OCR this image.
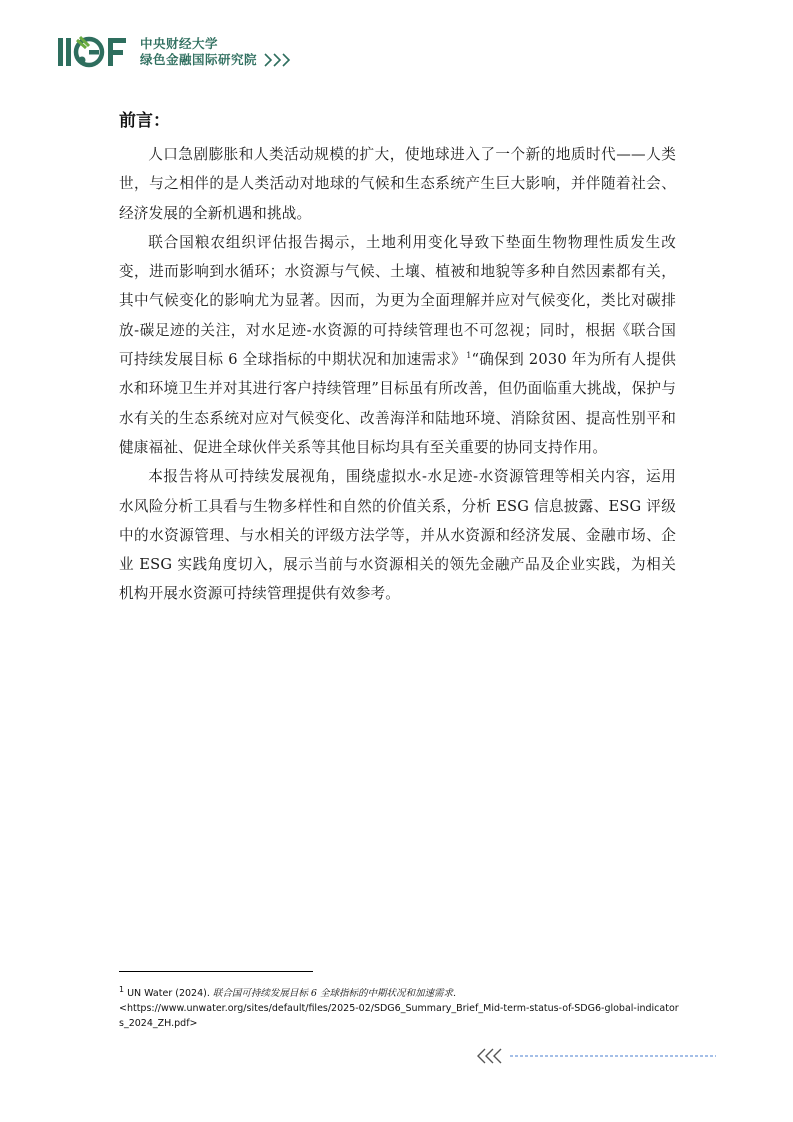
中央财经大学
绿色金融国际研究院
前言：

人口急剧膨胀和人类活动规模的扩大，使地球进入了一个新的地质时代——人类世，与之相伴的是人类活动对地球的气候和生态系统产生巨大影响，并伴随着社会、经济发展的全新机遇和挑战。

联合国粮农组织评估报告揭示，土地利用变化导致下垫面生物物理性质发生改变，进而影响到水循环；水资源与气候、土壤、植被和地貌等多种自然因素都有关，其中气候变化的影响尤为显著。因而，为更为全面理解并应对气候变化，类比对碳排放-碳足迹的关注，对水足迹-水资源的可持续管理也不可忽视；同时，根据《联合国可持续发展目标 6 全球指标的中期状况和加速需求》$^1$“确保到 2030 年为所有人提供水和环境卫生并对其进行客户持续管理”目标虽有所改善，但仍面临重大挑战，保护与水有关的生态系统对应对气候变化、改善海洋和陆地环境、消除贫困、提高性别平和健康福祉、促进全球伙伴关系等其他目标均具有至关重要的协同支持作用。

本报告将从可持续发展视角，围绕虚拟水-水足迹-水资源管理等相关内容，运用水风险分析工具看与生物多样性和自然的价值关系，分析 ESG 信息披露、ESG 评级中的水资源管理、与水相关的评级方法学等，并从水资源和经济发展、金融市场、企业 ESG 实践角度切入，展示当前与水资源相关的领先金融产品及企业实践，为相关机构开展水资源可持续管理提供有效参考。

$^1$ UN Water (2024). 联合国可持续发展目标 6 全球指标的中期状况和加速需求.
<https://www.unwater.org/sites/default/files/2025-02/SDG6_Summary_Brief_Mid-term-status-of-SDG6-global-indicators_2024_ZH.pdf>
